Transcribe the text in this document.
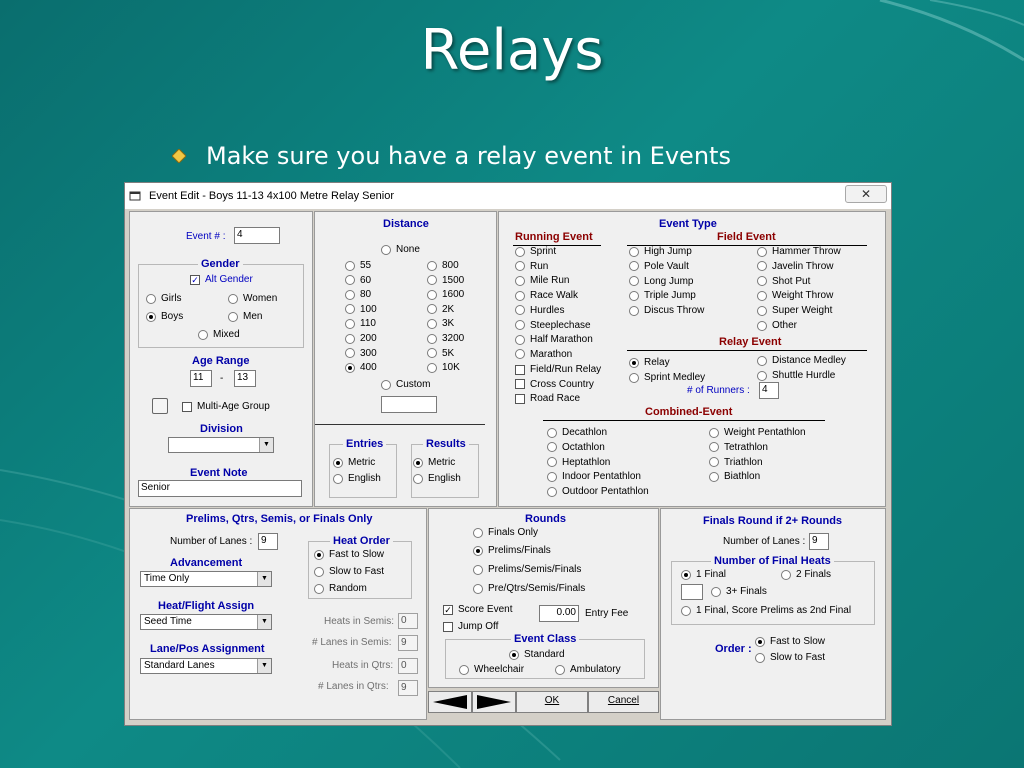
Relays
Make sure you have a relay event in Events
Event Edit - Boys 11-13 4x100 Metre Relay Senior	✕
Event # :	4
Gender
✓ Alt Gender
Girls	Women
Boys	Men
Mixed
Age Range
11	-	13
Multi-Age Group
Division
▼
Event Note
Senior
Distance
None
55
60
80
100
110
200
300
400
800
1500
1600
2K
3K
3200
5K
10K
Custom
Entries
Metric
English
Results
Metric
English
Event Type
Running Event	Field Event
Sprint
Run
Mile Run
Race Walk
Hurdles
Steeplechase
Half Marathon
Marathon
Field/Run Relay
Cross Country
Road Race
High Jump
Pole Vault
Long Jump
Triple Jump
Discus Throw
Hammer Throw
Javelin Throw
Shot Put
Weight Throw
Super Weight
Other
Relay Event
Relay
Sprint Medley
Distance Medley
Shuttle Hurdle
# of Runners :	4
Combined-Event
Decathlon
Octathlon
Heptathlon
Indoor Pentathlon
Outdoor Pentathlon
Weight Pentathlon
Tetrathlon
Triathlon
Biathlon
Prelims, Qtrs, Semis, or Finals Only
Number of Lanes : 9
Advancement
Time Only	▼
Heat Order
Fast to Slow
Slow to Fast
Random
Heat/Flight Assign
Seed Time	▼
Lane/Pos Assignment
Standard Lanes	▼
Heats in Semis: 0
# Lanes in Semis: 9
Heats in Qtrs: 0
# Lanes in Qtrs:	9
Rounds
Finals Only
Prelims/Finals
Prelims/Semis/Finals
Pre/Qtrs/Semis/Finals
✓ Score Event
Jump Off
0.00 Entry Fee
Event Class
Standard
Wheelchair	Ambulatory
OK	Cancel
Finals Round if 2+ Rounds
Number of Lanes : 9
Number of Final Heats
1 Final	2 Finals
3+ Finals
1 Final, Score Prelims as 2nd Final
Order :
Fast to Slow
Slow to Fast
